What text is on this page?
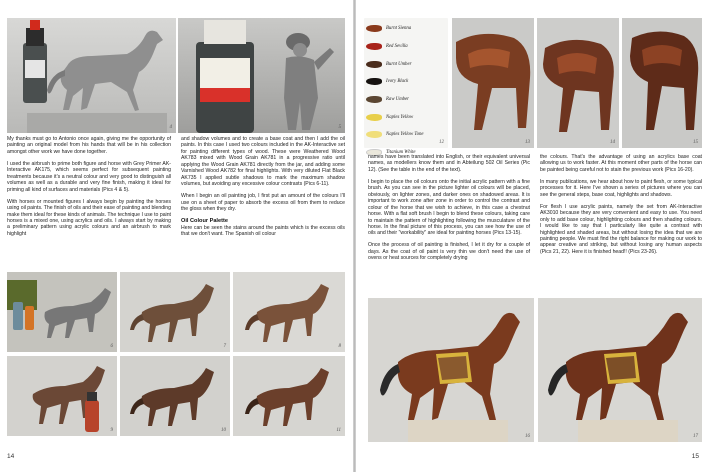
4	5

My thanks must go to Antonio once again, giving me the opportunity of painting an original model from his hands that will be in his collection amongst other work we have done together.

I used the airbrush to prime both figure and horse with Grey Primer AK-Interactive AK175, which seems perfect for subsequent painting treatments because it's a neutral colour and very good to distinguish all volumes as well as a durable and very fine finish, making it ideal for priming all kind of surfaces and materials (Pics 4 & 5).

With horses or mounted figures I always begin by painting the horses using oil paints. The finish of oils and their ease of painting and blending make them ideal for these kinds of animals. The technique I use to paint horses is a mixed one, using acrylics and oils. I always start by making a preliminary pattern using acrylic colours and an airbrush to mark highlight

and shadow volumes and to create a base coat and then I add the oil paints. In this case I used two colours included in the AK-Interactive set for painting different types of wood. These were Weathered Wood AK783 mixed with Wood Grain AK781 in a progressive ratio until applying the Wood Grain AK781 directly from the jar, and adding some Varnished Wood AK782 for final highlights. With very diluted Flat Black AK735 I applied subtle shadows to mark the maximum shadow volumes, but avoiding any excessive colour contrasts (Pics 6-11).

When I begin an oil painting job, I first put an amount of the colours I'll use on a sheet of paper to absorb the excess oil from them to reduce the gloss when they dry.

Oil Colour Palette

Here can be seen the stains around the paints which is the excess oils that we don't want. The Spanish oil colour

6	7	8
9	10	11
14
Burnt Sienna
Red Sevilla
Burnt Umber
Ivory Black
Raw Umber
Naples Yellow
Naples Yellow Tone
Titanium White
12	13	14	15

names have been translated into English, or their equivalent universal names, as modellers know them and in Abteilung 502 Oil Series (Pic 12). (See the table in the end of the text).

I begin to place the oil colours onto the initial acrylic pattern with a fine brush. As you can see in the picture lighter oil colours will be placed, obviously, on lighter zones, and darker ones on shadowed areas. It is important to work zone after zone in order to control the contrast and colour of the horse that we wish to achieve, in this case a chestnut horse. With a flat soft brush I begin to blend these colours, taking care to maintain the pattern of highlighting following the musculature of the horse. In the final picture of this process, you can see how the use of oils and their "workability" are ideal for painting horses (Pics 13-15).

Once the process of oil painting is finished, I let it dry for a couple of days. As the coat of oil paint is very thin we don't need the use of ovens or heat sources for completely drying

the colours. That's the advantage of using an acrylics base coat allowing us to work faster. At this moment other parts of the horse can be painted being careful not to stain the previous work (Pics 16-20).

In many publications, we hear about how to paint flesh, or some typical processes for it. Here I've shown a series of pictures where you can see the general steps, base coat, highlights and shadows.

For flesh I use acrylic paints, namely the set from AK-Interactive AK3010 because they are very convenient and easy to use. You need only to add base colour, highlighting colours and then shading colours. I would like to say that I particularly like quite a contrast with highlighted and shaded areas, but without losing the idea that we are painting people. We must find the right balance for making our work to appear creative and striking, but without losing any human aspects (Pics 21, 22). Here it is finished head!! (Pics 23-26).

16	17
15
